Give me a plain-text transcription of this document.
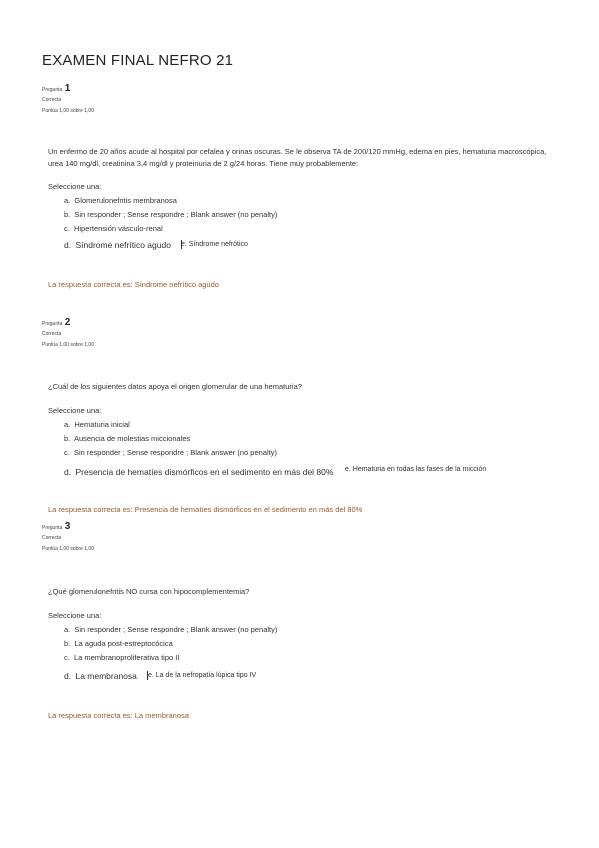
EXAMEN FINAL NEFRO 21
Pregunta 1
Correcta
Puntúa 1,00 sobre 1,00
Un enfermo de 20 años acude al hospital por cefalea y orinas oscuras. Se le observa TA de 200/120 mmHg, edema en pies, hematuria macroscópica, urea 140 mg/dl, creatinina 3,4 mg/dl y proteinuria de 2 g/24 horas. Tiene muy probablemente:
Seleccione una:
a. Glomerulonefritis membranosa
b. Sin responder ; Sense respondre ; Blank answer (no penalty)
c. Hipertensión vásculo-renal
d. Síndrome nefrítico agudo	e. Síndrome nefrótico
La respuesta correcta es: Síndrome nefrítico agudo
Pregunta 2
Correcta
Puntúa 1,00 sobre 1,00
¿Cuál de los siguientes datos apoya el origen glomerular de una hematuria?
Seleccione una:
a. Hematuria inicial
b. Ausencia de molestias miccionales
c. Sin responder ; Sense respondre ; Blank answer (no penalty)
d. Presencia de hematíes dismórficos en el sedimento en más del 80% e. Hematuria en todas las fases de la micción
La respuesta correcta es: Presencia de hematíes dismórficos en el sedimento en más del 80%
Pregunta 3
Correcta
Puntúa 1,00 sobre 1,00
¿Qué glomerulonefritis NO cursa con hipocomplementemia?
Seleccione una:
a. Sin responder ; Sense respondre ; Blank answer (no penalty)
b. La aguda post-estreptocócica
c. La membranoproliferativa tipo II
d. La membranosa	e. La de la nefropatía lúpica tipo IV
La respuesta correcta es: La membranosa
